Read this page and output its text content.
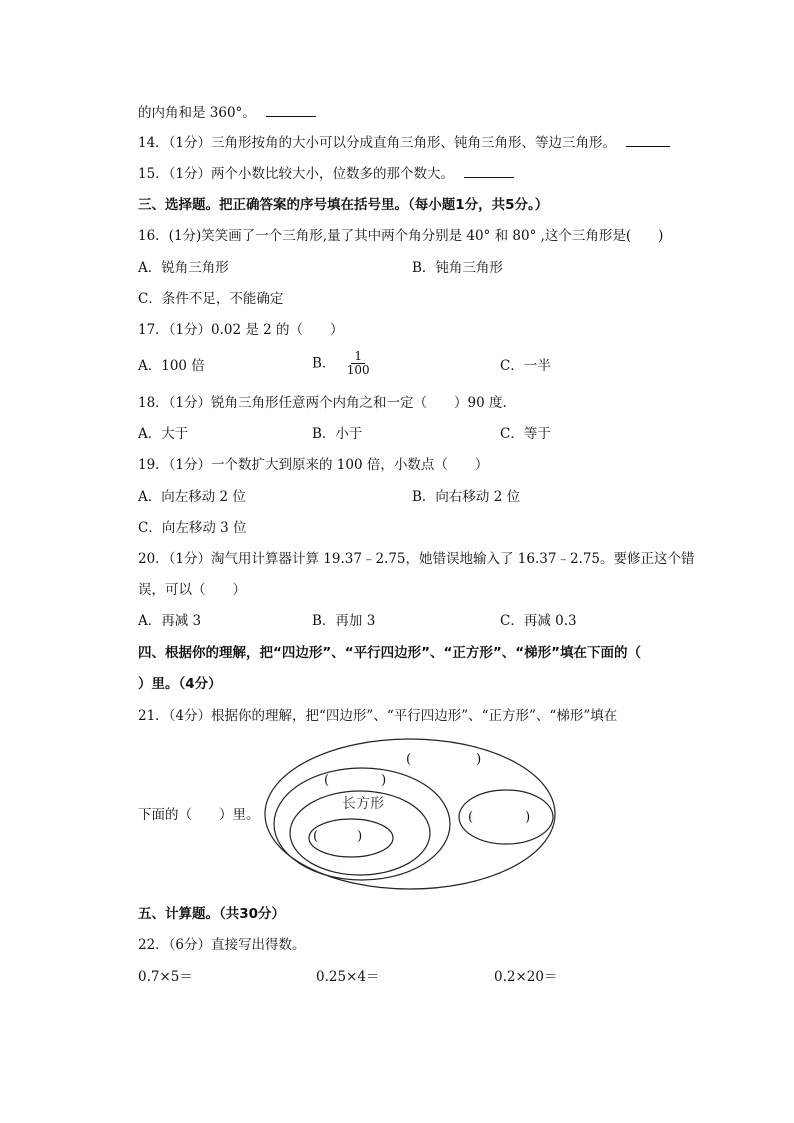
的内角和是 360°。
14．（1分）三角形按角的大小可以分成直角三角形、钝角三角形、等边三角形。
15．（1分）两个小数比较大小，位数多的那个数大。
三、选择题。把正确答案的序号填在括号里。（每小题1分，共5分。）
16．(1分)笑笑画了一个三角形,量了其中两个角分别是 40° 和 80° ,这个三角形是(　　)
A．锐角三角形	B．钝角三角形
C．条件不足，不能确定
17．（1分）0.02 是 2 的（　　）
A．100 倍	B． $\frac{1}{100}$	C．一半
18．（1分）锐角三角形任意两个内角之和一定（　　）90 度.
A．大于	B．小于	C．等于
19．（1分）一个数扩大到原来的 100 倍，小数点（　　）
A．向左移动 2 位	B．向右移动 2 位
C．向左移动 3 位
20．（1分）淘气用计算器计算 19.37﹣2.75，她错误地输入了 16.37﹣2.75。要修正这个错
误，可以（　　）
A．再减 3	B．再加 3	C．再减 0.3
四、根据你的理解，把“四边形”、“平行四边形”、“正方形”、“梯形”填在下面的（
）里。（4分）
21．（4分）根据你的理解，把“四边形”、“平行四边形”、“正方形”、“梯形”填在
下面的（　　）里。
(　　　　　)
(　　　　)
长方形
(　　　)
(　　　　)
五、计算题。（共30分）
22．（6分）直接写出得数。
0.7×5＝	0.25×4＝	0.2×20＝
